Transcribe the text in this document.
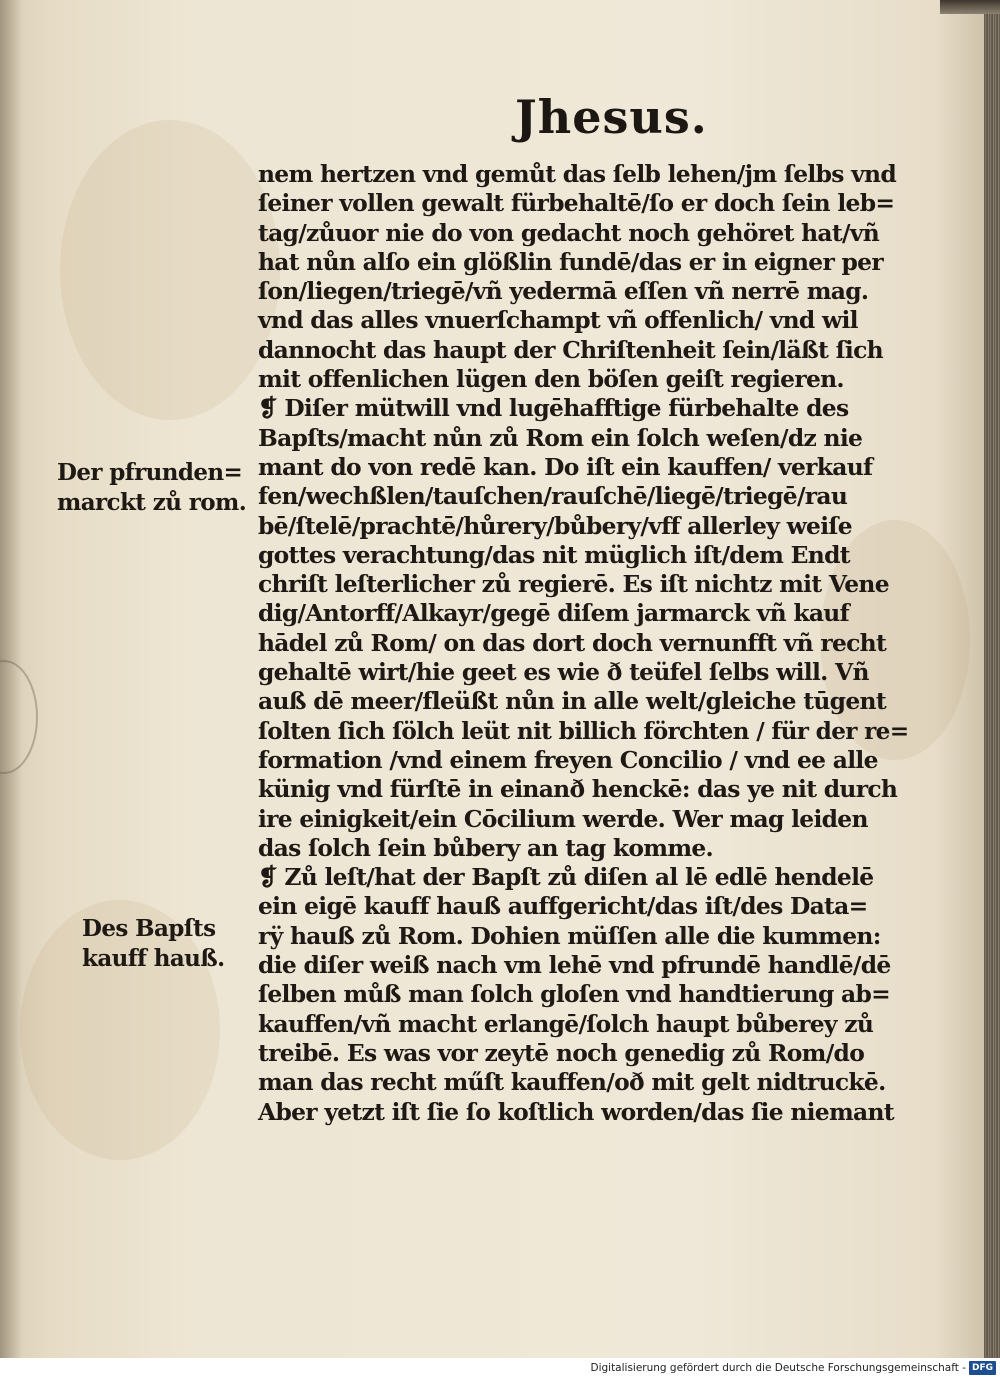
Jhesus.
nem hertzen vnd gemůt das ſelb lehen/jm ſelbs vnd
ſeiner vollen gewalt fürbehaltē/ſo er doch ſein leb=
tag/zůuor nie do von gedacht noch gehöret hat/vñ
hat nůn alſo ein glößlin fundē/das er in eigner per
ſon/liegen/triegē/vñ yedermā eſſen vñ nerrē mag.
vnd das alles vnuerſchampt vñ offenlich/ vnd wil
dannocht das haupt der Chriſtenheit ſein/läßt ſich
mit offenlichen lügen den böſen geiſt regieren.
❡ Diſer mütwill vnd lugēhafftige fürbehalte des
Bapſts/macht nůn zů Rom ein ſolch weſen/dz nie
mant do von redē kan. Do iſt ein kauffen/ verkauf
fen/wechßlen/tauſchen/rauſchē/liegē/triegē/rau
bē/ſtelē/prachtē/hůrery/bůbery/vff allerley weiſe
gottes verachtung/das nit müglich iſt/dem Endt
chriſt leſterlicher zů regierē. Es iſt nichtz mit Vene
dig/Antorff/Alkayr/gegē diſem jarmarck vñ kauf
hādel zů Rom/ on das dort doch vernunfft vñ recht
gehaltē wirt/hie geet es wie ð teüfel ſelbs will. Vñ
auß dē meer/fleüßt nůn in alle welt/gleiche tūgent
ſolten ſich ſölch leüt nit billich förchten / für der re=
formation /vnd einem freyen Concilio / vnd ee alle
künig vnd fürſtē in einanð henckē: das ye nit durch
ire einigkeit/ein Cōcilium werde. Wer mag leiden
das ſolch ſein bůbery an tag komme.
❡ Zů leſt/hat der Bapſt zů diſen al lē edlē hendelē
ein eigē kauff hauß auffgericht/das iſt/des Data=
rÿ hauß zů Rom. Dohien müſſen alle die kummen:
die diſer weiß nach vm lehē vnd pfrundē handlē/dē
ſelben můß man ſolch gloſen vnd handtierung ab=
kauffen/vñ macht erlangē/ſolch haupt bůberey zů
treibē. Es was vor zeytē noch genedig zů Rom/do
man das recht műſt kauffen/oð mit gelt nidtruckē.
Aber yetzt iſt ſie ſo koſtlich worden/das ſie niemant
Der pfrunden=
marckt zů rom.
Des Bapſts
kauff hauß.
Digitalisierung gefördert durch die Deutsche Forschungsgemeinschaft - DFG
